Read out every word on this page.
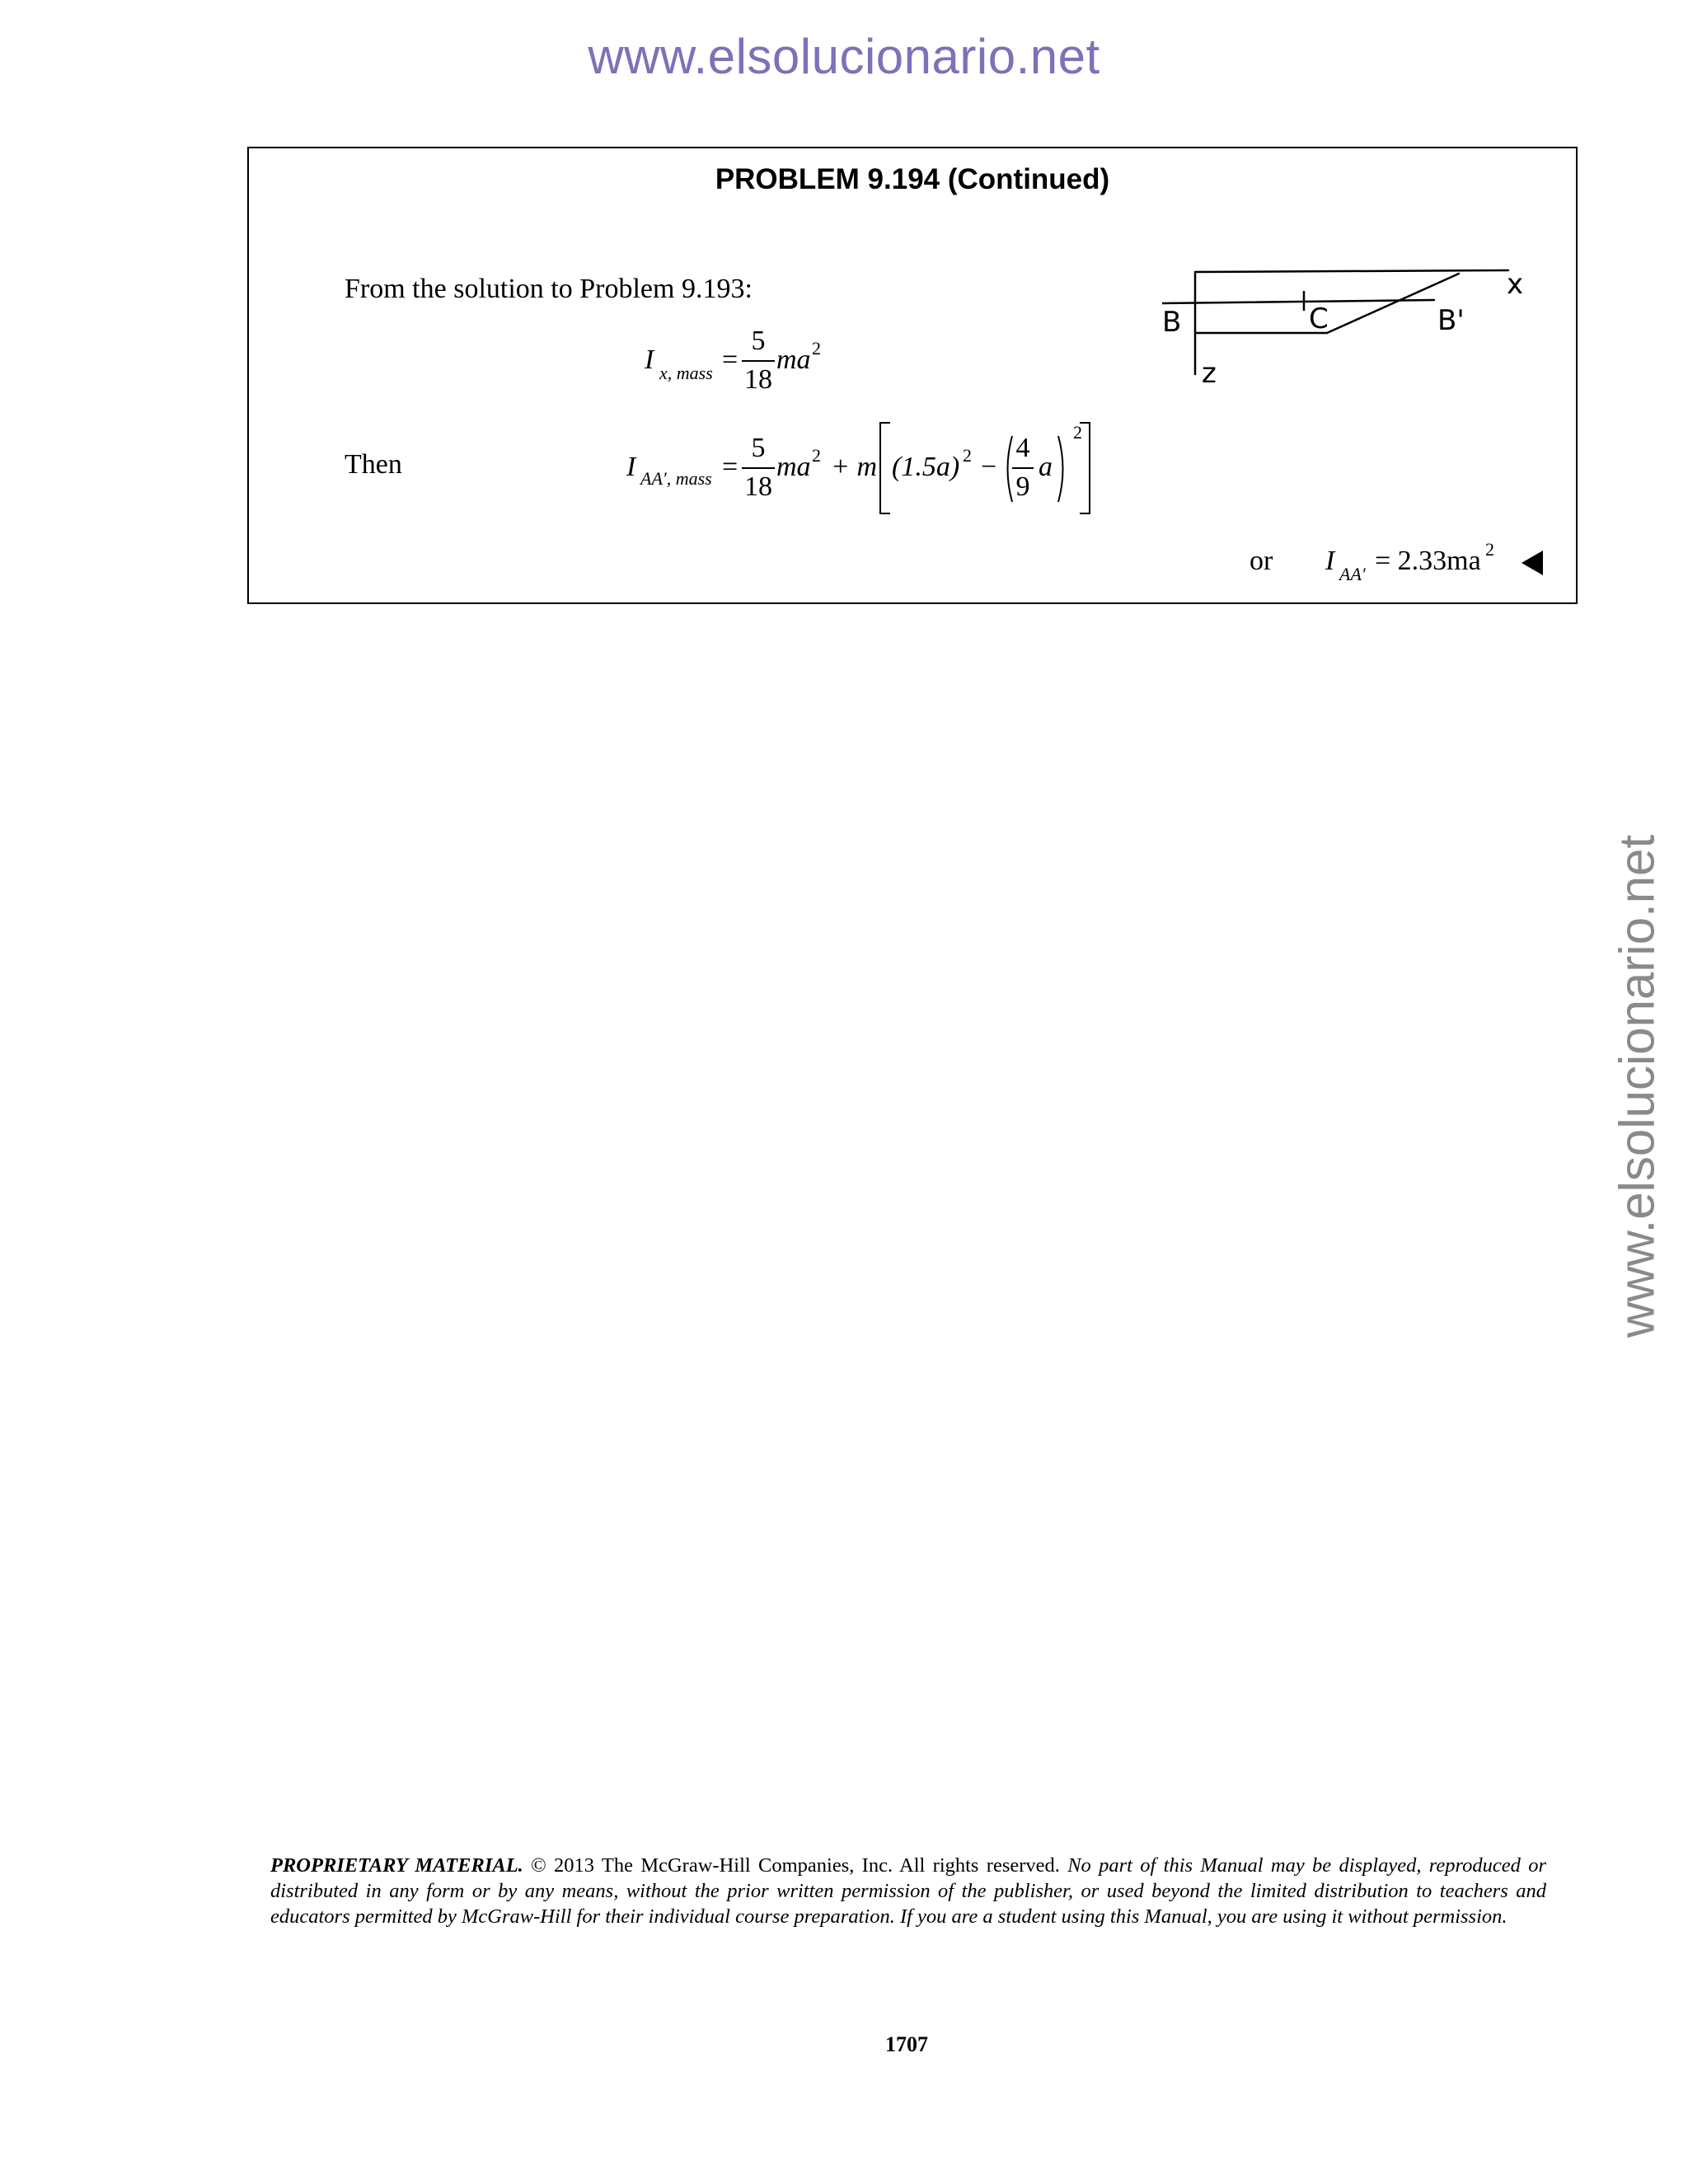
www.elsolucionario.net
www.elsolucionario.net
PROBLEM 9.194 (Continued)
From the solution to Problem 9.193:
I x, mass =
5
18
ma 2
Then	I AA′, mass =
5
18
ma 2 + m (1.5a) 2 −
4
9
a
2
or I AA′ = 2.33ma 2
x
B	C	B'
z
PROPRIETARY MATERIAL. © 2013 The McGraw-Hill Companies, Inc. All rights reserved. No part of this Manual may be displayed, reproduced or distributed in any form or by any means, without the prior written permission of the publisher, or used beyond the limited distribution to teachers and educators permitted by McGraw-Hill for their individual course preparation. If you are a student using this Manual, you are using it without permission.
1707
